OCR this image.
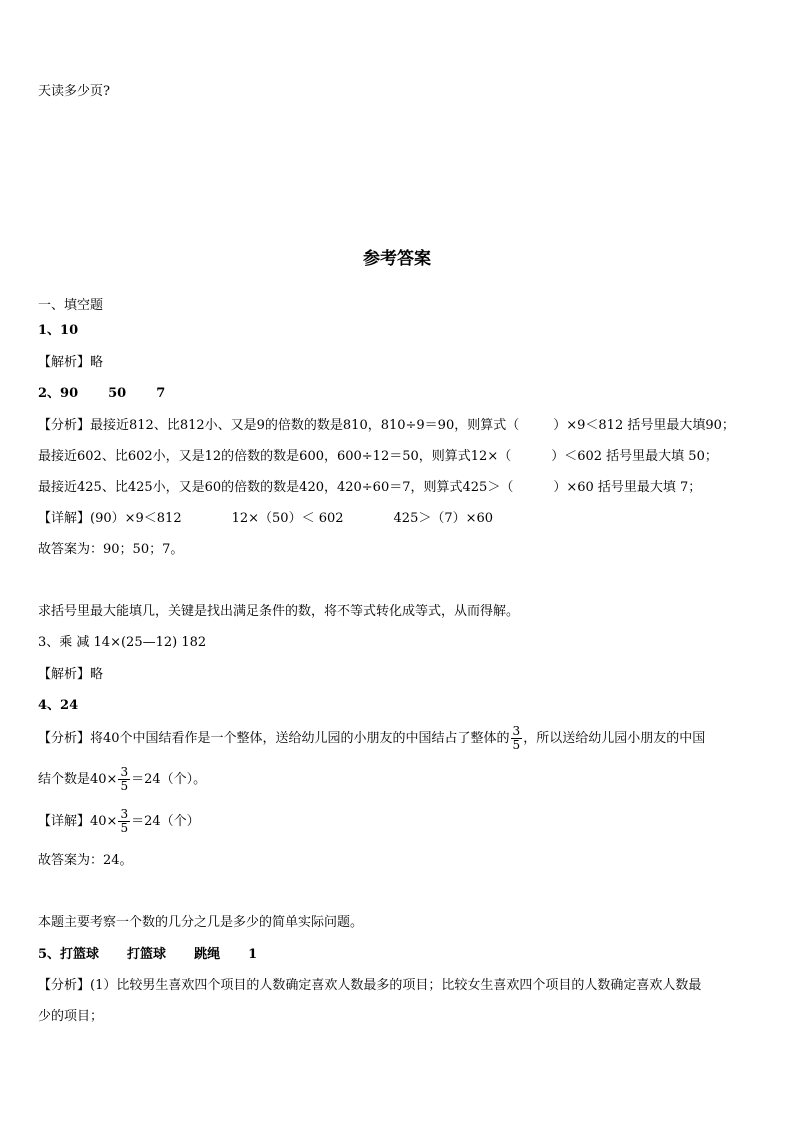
天读多少页?
参考答案
一、填空题
1、10
【解析】略
2、90 50 7
【分析】最接近812、比812小、又是9的倍数的数是810，810÷9＝90，则算式（	）×9＜812 括号里最大填90；
最接近602、比602小，又是12的倍数的数是600，600÷12＝50，则算式12×（	）＜602 括号里最大填 50；
最接近425、比425小，又是60的倍数的数是420，420÷60＝7，则算式425＞（	）×60 括号里最大填 7；
【详解】(90）×9＜812	12×（50）＜ 602	425＞（7）×60
故答案为：90；50；7。
求括号里最大能填几，关键是找出满足条件的数，将不等式转化成等式，从而得解。
3、乘 减 14×(25—12) 182
【解析】略
4、24
【分析】将40个中国结看作是一个整体，送给幼儿园的小朋友的中国结占了整体的 $\frac{3}{5}$ ，所以送给幼儿园小朋友的中国
结个数是$40\times \frac{3}{5} =24$（个）。
【详解】$40\times \frac{3}{5} =24$（个）
故答案为：24。
本题主要考察一个数的几分之几是多少的简单实际问题。
5、打篮球 打篮球 跳绳 1
【分析】(1）比较男生喜欢四个项目的人数确定喜欢人数最多的项目；比较女生喜欢四个项目的人数确定喜欢人数最
少的项目；
